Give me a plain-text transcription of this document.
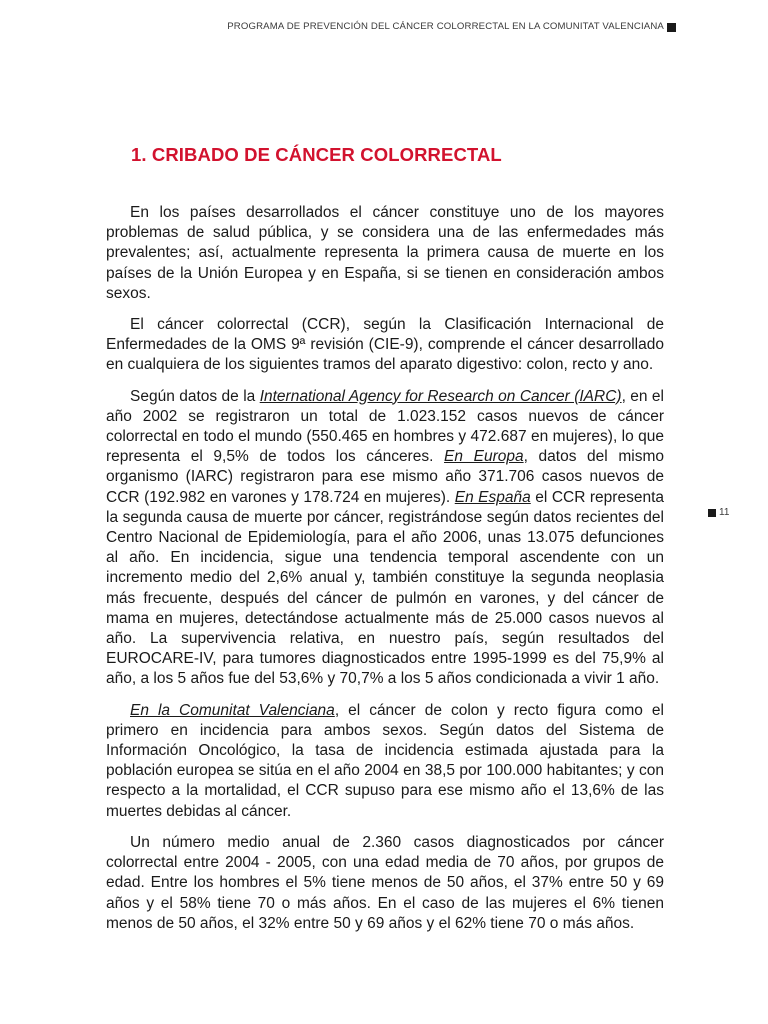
PROGRAMA DE PREVENCIÓN DEL CÁNCER COLORRECTAL EN LA COMUNITAT VALENCIANA
1. CRIBADO DE CÁNCER COLORRECTAL

En los países desarrollados el cáncer constituye uno de los mayores problemas de salud pública, y se considera una de las enfermedades más prevalentes; así, actualmente representa la primera causa de muerte en los países de la Unión Europea y en España, si se tienen en consideración ambos sexos.

El cáncer colorrectal (CCR), según la Clasificación Internacional de Enfermedades de la OMS 9ª revisión (CIE-9), comprende el cáncer desarrollado en cualquiera de los siguientes tramos del aparato digestivo: colon, recto y ano.

Según datos de la International Agency for Research on Cancer (IARC), en el año 2002 se registraron un total de 1.023.152 casos nuevos de cáncer colorrectal en todo el mundo (550.465 en hombres y 472.687 en mujeres), lo que representa el 9,5% de todos los cánceres. En Europa, datos del mismo organismo (IARC) registraron para ese mismo año 371.706 casos nuevos de CCR (192.982 en varones y 178.724 en mujeres). En España el CCR representa la segunda causa de muerte por cáncer, registrándose según datos recientes del Centro Nacional de Epidemiología, para el año 2006, unas 13.075 defunciones al año. En incidencia, sigue una tendencia temporal ascendente con un incremento medio del 2,6% anual y, también constituye la segunda neoplasia más frecuente, después del cáncer de pulmón en varones, y del cáncer de mama en mujeres, detectándose actualmente más de 25.000 casos nuevos al año. La supervivencia relativa, en nuestro país, según resultados del EUROCARE-IV, para tumores diagnosticados entre 1995-1999 es del 75,9% al año, a los 5 años fue del 53,6% y 70,7% a los 5 años condicionada a vivir 1 año.

En la Comunitat Valenciana, el cáncer de colon y recto figura como el primero en incidencia para ambos sexos. Según datos del Sistema de Información Oncológico, la tasa de incidencia estimada ajustada para la población europea se sitúa en el año 2004 en 38,5 por 100.000 habitantes; y con respecto a la mortalidad, el CCR supuso para ese mismo año el 13,6% de las muertes debidas al cáncer.

Un número medio anual de 2.360 casos diagnosticados por cáncer colorrectal entre 2004 - 2005, con una edad media de 70 años, por grupos de edad. Entre los hombres el 5% tiene menos de 50 años, el 37% entre 50 y 69 años y el 58% tiene 70 o más años. En el caso de las mujeres el 6% tienen menos de 50 años, el 32% entre 50 y 69 años y el 62% tiene 70 o más años.

11
